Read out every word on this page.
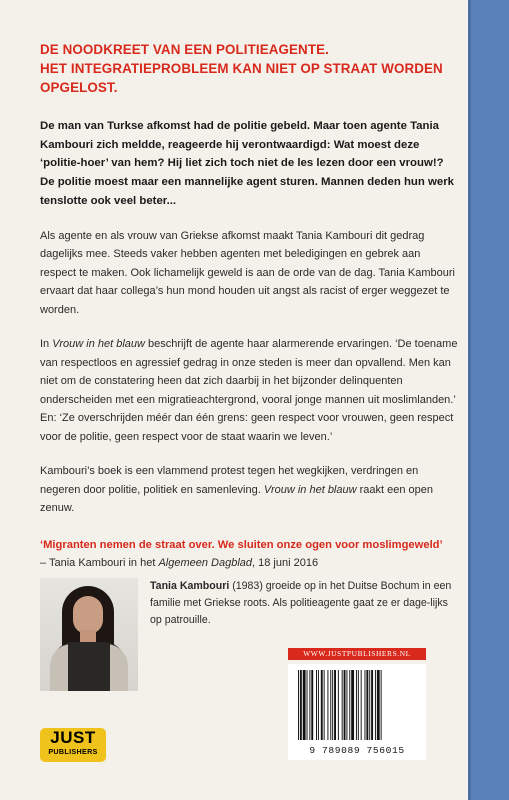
DE NOODKREET VAN EEN POLITIEAGENTE.
HET INTEGRATIEPROBLEEM KAN NIET OP STRAAT WORDEN OPGELOST.
De man van Turkse afkomst had de politie gebeld. Maar toen agente Tania Kambouri zich meldde, reageerde hij verontwaardigd: Wat moest deze ‘politie-hoer’ van hem? Hij liet zich toch niet de les lezen door een vrouw!? De politie moest maar een mannelijke agent sturen. Mannen deden hun werk tenslotte ook veel beter...
Als agente en als vrouw van Griekse afkomst maakt Tania Kambouri dit gedrag dagelijks mee. Steeds vaker hebben agenten met beledigingen en gebrek aan respect te maken. Ook lichamelijk geweld is aan de orde van de dag. Tania Kambouri ervaart dat haar collega’s hun mond houden uit angst als racist of erger weggezet te worden.
In Vrouw in het blauw beschrijft de agente haar alarmerende ervaringen. ‘De toename van respectloos en agressief gedrag in onze steden is meer dan opvallend. Men kan niet om de constatering heen dat zich daarbij in het bijzonder delinquenten onderscheiden met een migratieachtergrond, vooral jonge mannen uit moslimlanden.’ En: ‘Ze overschrijden méér dan één grens: geen respect voor vrouwen, geen respect voor de politie, geen respect voor de staat waarin we leven.’
Kambouri’s boek is een vlammend protest tegen het wegkijken, verdringen en negeren door politie, politiek en samenleving. Vrouw in het blauw raakt een open zenuw.
‘Migranten nemen de straat over. We sluiten onze ogen voor moslimgeweld’
– Tania Kambouri in het Algemeen Dagblad, 18 juni 2016
Tania Kambouri (1983) groeide op in het Duitse Bochum in een familie met Griekse roots. Als politieagente gaat ze er dage-lijks op patrouille.
WWW.JUSTPUBLISHERS.NL
9 789089 756015
JUST
PUBLISHERS
